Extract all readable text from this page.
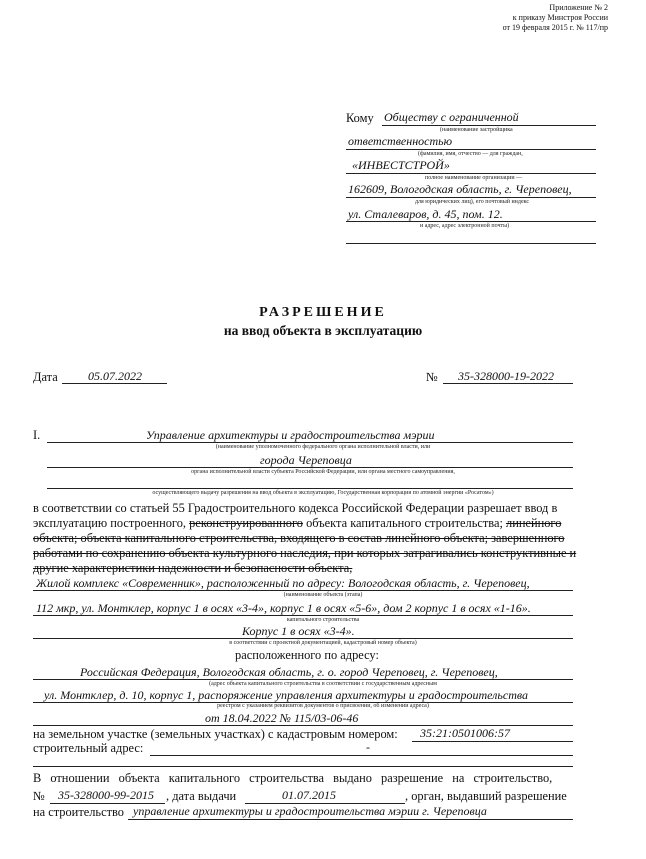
Приложение № 2
к приказу Минстроя России
от 19 февраля 2015 г. № 117/пр
Кому Обществу с ограниченной
(наименование застройщика
ответственностью
(фамилия, имя, отчество — для граждан,
«ИНВЕСТСТРОЙ»
полное наименование организации —
162609, Вологодская область, г. Череповец,
для юридических лиц), его почтовый индекс
ул. Сталеваров, д. 45, пом. 12.
и адрес, адрес электронной почты)
РАЗРЕШЕНИЕ
на ввод объекта в эксплуатацию
Дата	05.07.2022	№ 35-328000-19-2022
I.	Управление архитектуры и градостроительства мэрии
(наименование уполномоченного федерального органа исполнительной власти, или
города Череповца
органа исполнительной власти субъекта Российской Федерации, или органа местного самоуправления,
осуществляющего выдачу разрешения на ввод объекта в эксплуатацию, Государственная корпорация по атомной энергии «Росатом»)
в соответствии со статьей 55 Градостроительного кодекса Российской Федерации разрешает ввод в
эксплуатацию построенного, реконструированного объекта капитального строительства; линейного
объекта; объекта капитального строительства, входящего в состав линейного объекта; завершенного
работами по сохранению объекта культурного наследия, при которых затрагивались конструктивные и
другие характеристики надежности и безопасности объекта,
Жилой комплекс «Современник», расположенный по адресу: Вологодская область, г. Череповец,
(наименование объекта (этапа)
112 мкр, ул. Монтклер, корпус 1 в осях «3-4», корпус 1 в осях «5-6», дом 2 корпус 1 в осях «1-16».
капитального строительства
Корпус 1 в осях «3-4».
в соответствии с проектной документацией, кадастровый номер объекта)
расположенного по адресу:
Российская Федерация, Вологодская область, г. о. город Череповец, г. Череповец,
(адрес объекта капитального строительства в соответствии с государственным адресным
ул. Монтклер, д. 10, корпус 1, распоряжение управления архитектуры и градостроительства
реестром с указанием реквизитов документов о присвоении, об изменении адреса)
от 18.04.2022 № 115/03-06-46
на земельном участке (земельных участках) с кадастровым номером: 35:21:0501006:57
строительный адрес:	-
В отношении объекта капитального строительства выдано разрешение на строительство,
№ 35-328000-99-2015 , дата выдачи	01.07.2015	, орган, выдавший разрешение
на строительство управление архитектуры и градостроительства мэрии г. Череповца
